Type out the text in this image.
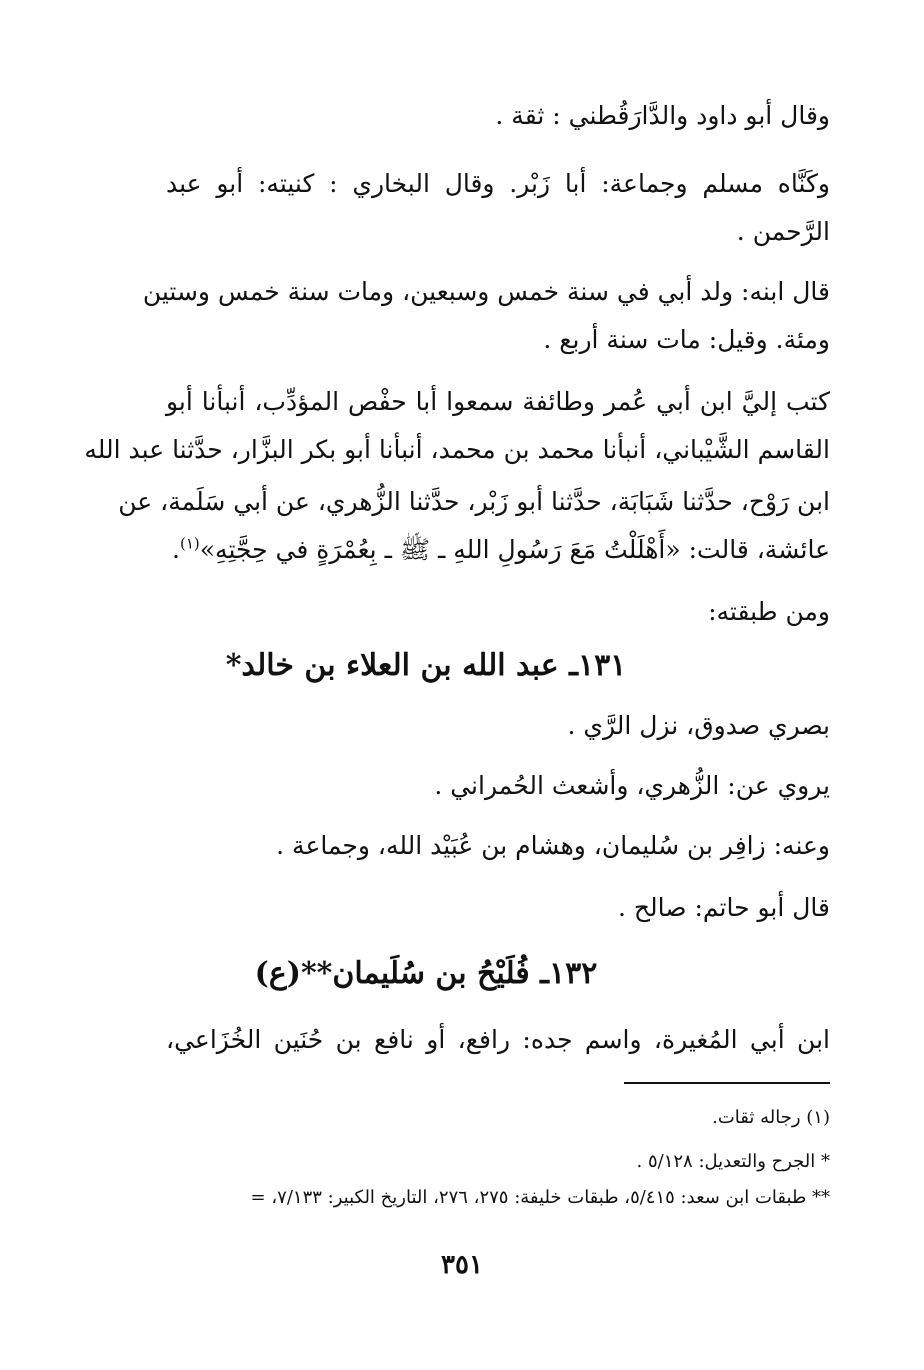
وقال أبو داود والدَّارَقُطني : ثقة .
وكَنَّاه مسلم وجماعة: أبا زَبْر. وقال البخاري : كنيته: أبو عبد
الرَّحمن .
قال ابنه: ولد أبي في سنة خمس وسبعين، ومات سنة خمس وستين
ومئة. وقيل: مات سنة أربع .
كتب إليَّ ابن أبي عُمر وطائفة سمعوا أبا حفْص المؤدِّب، أنبأنا أبو
القاسم الشَّيْباني، أنبأنا محمد بن محمد، أنبأنا أبو بكر البزَّار، حدَّثنا عبد الله
ابن رَوْح، حدَّثنا شَبَابَة، حدَّثنا أبو زَبْر، حدَّثنا الزُّهري، عن أبي سَلَمة، عن
عائشة، قالت: «أَهْلَلْتُ مَعَ رَسُولِ اللهِ ـ ﷺ ـ بِعُمْرَةٍ في حِجَّتِهِ»$^{(١)}$.
ومن طبقته:
١٣١ـ عبد الله بن العلاء بن خالد*
بصري صدوق، نزل الرَّي .
يروي عن: الزُّهري، وأشعث الحُمراني .
وعنه: زافِر بن سُليمان، وهشام بن عُبَيْد الله، وجماعة .
قال أبو حاتم: صالح .
١٣٢ـ فُلَيْحُ بن سُلَيمان**(ع)
ابن أبي المُغيرة، واسم جده: رافع، أو نافع بن حُنَين الخُزَاعي،
(١) رجاله ثقات.
* الجرح والتعديل: ٥/١٢٨ .
** طبقات ابن سعد: ٥/٤١٥، طبقات خليفة: ٢٧٥، ٢٧٦، التاريخ الكبير: ٧/١٣٣، =
٣٥١
